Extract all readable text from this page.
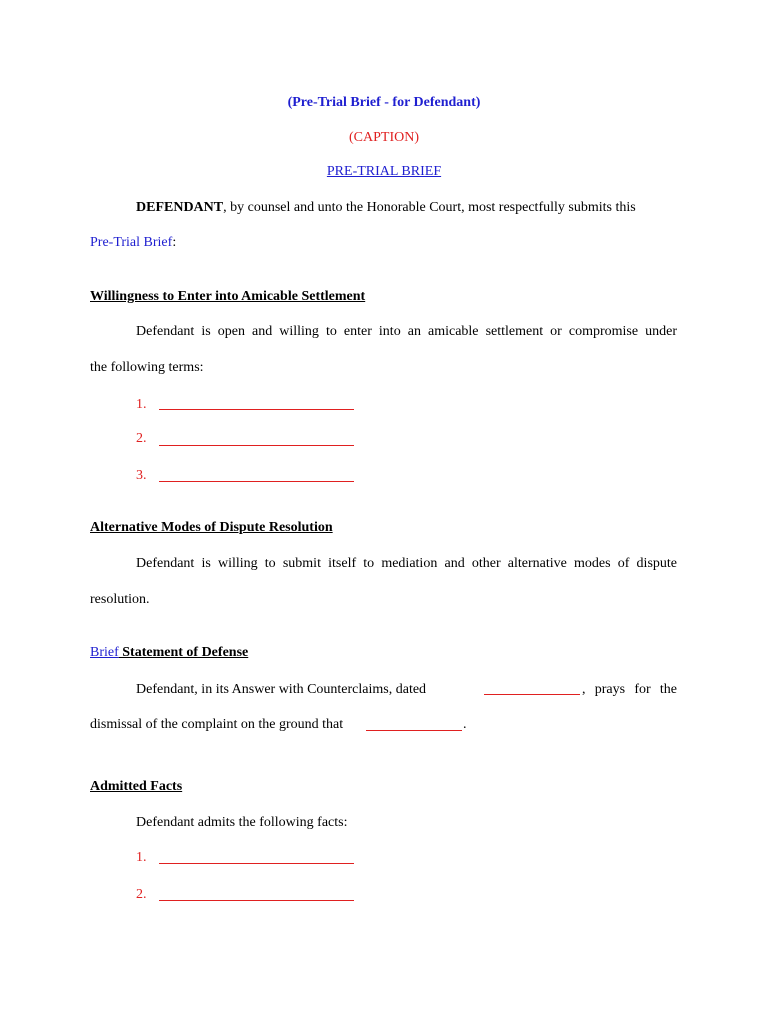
(Pre-Trial Brief - for Defendant)
(CAPTION)
PRE-TRIAL BRIEF
DEFENDANT, by counsel and unto the Honorable Court, most respectfully submits this
Pre-Trial Brief:
Willingness to Enter into Amicable Settlement
Defendant is open and willing to enter into an amicable settlement or compromise under
the following terms:
1.
2.
3.
Alternative Modes of Dispute Resolution
Defendant is willing to submit itself to mediation and other alternative modes of dispute
resolution.
Brief Statement of Defense
Defendant, in its Answer with Counterclaims, dated	, prays for the
dismissal of the complaint on the ground that	.
Admitted Facts
Defendant admits the following facts:
1.
2.
